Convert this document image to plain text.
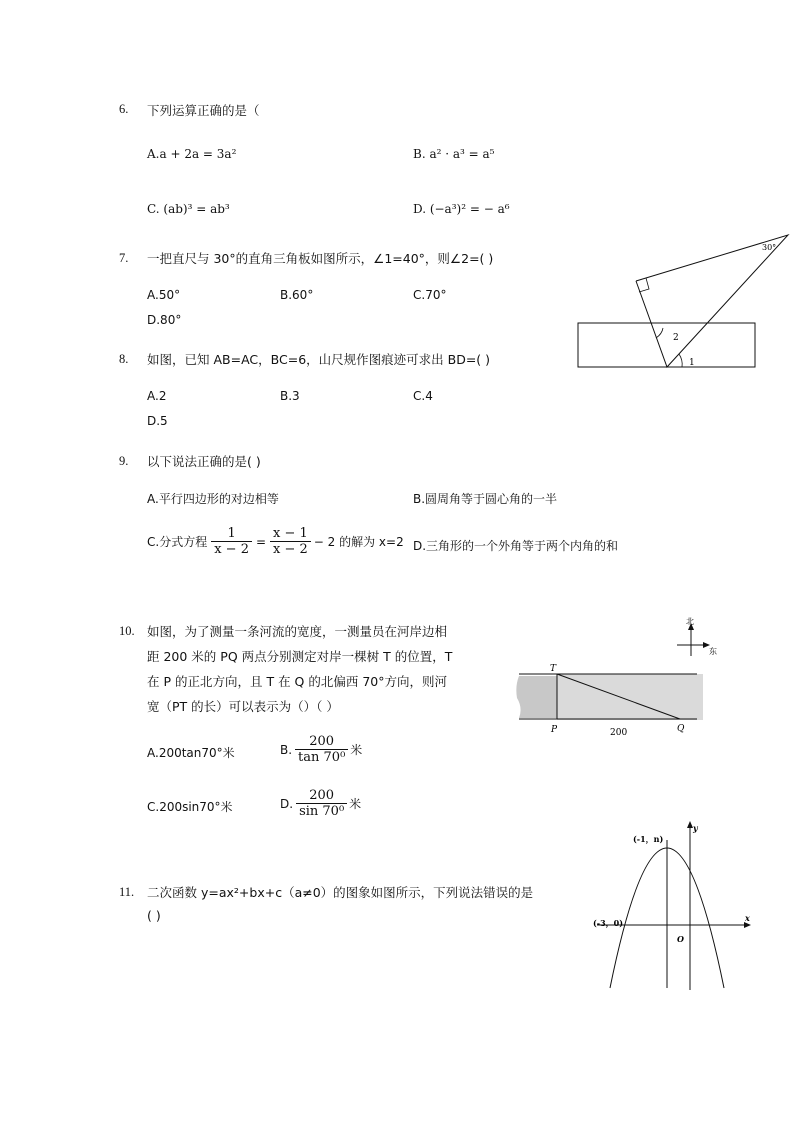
6. 下列运算正确的是（
A.a + 2a = 3a²	B. a² · a³ = a⁵
C. (ab)³ = ab³	D. (−a³)² = − a⁶
7. 一把直尺与 30°的直角三角板如图所示，∠1=40°，则∠2=( )
A.50°	B.60°	C.70°
D.80°
30°
2
1
8. 如图，已知 AB=AC，BC=6，山尺规作图痕迹可求出 BD=( )
A.2	B.3	C.4
D.5
9. 以下说法正确的是( )
A.平行四边形的对边相等	B.圆周角等于圆心角的一半
C.分式方程 $\frac{1}{x - 2} = \frac{x - 1}{x - 2} - 2$ 的解为 x=2 D.三角形的一个外角等于两个内角的和
10. 如图，为了测量一条河流的宽度，一测量员在河岸边相
距 200 米的 PQ 两点分别测定对岸一棵树 T 的位置，T
在 P 的正北方向，且 T 在 Q 的北偏西 70°方向，则河
宽（PT 的长）可以表示为（）（ ）
A.200tan70°米	B. $\frac{200}{\text{tan 70⁰}}$ 米
C.200sin70°米	D. $\frac{200}{\text{sin 70⁰}}$ 米
北
东
T
P	Q
200
11. 二次函数 y=ax²+bx+c（a≠0）的图象如图所示，下列说法错误的是
( )
(-1，n)
(-3，0)
y
x
O
